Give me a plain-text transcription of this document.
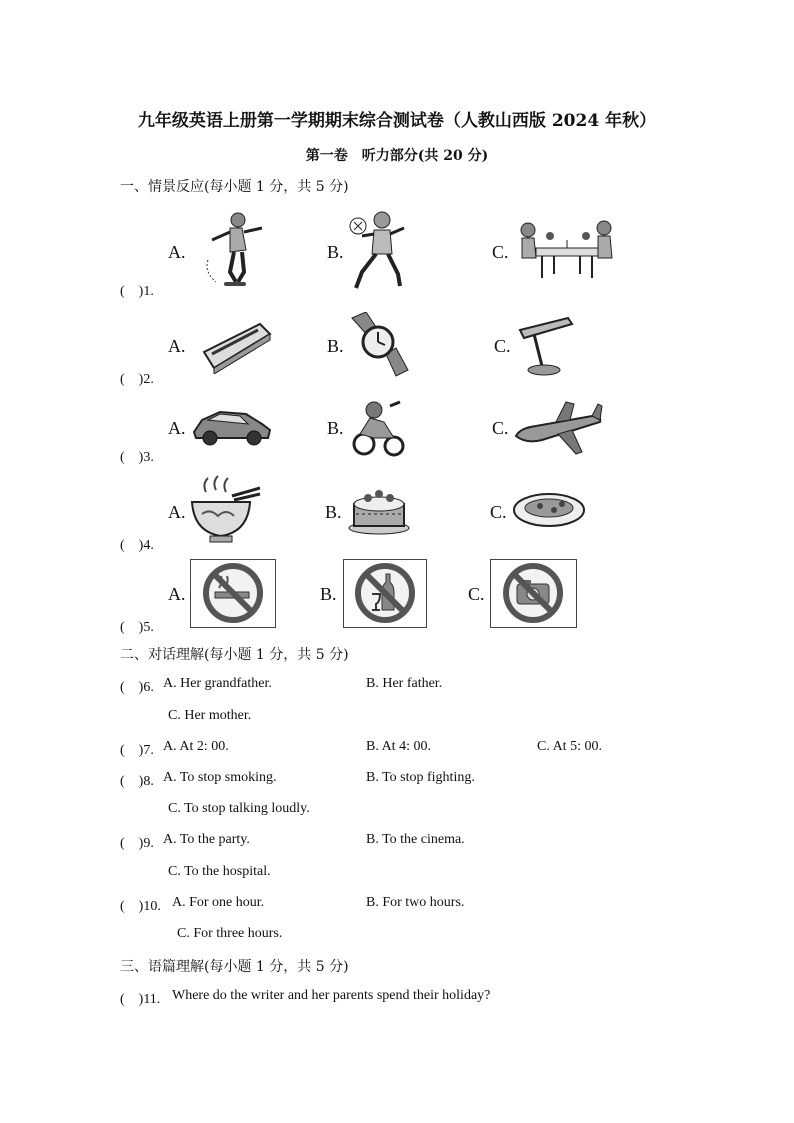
九年级英语上册第一学期期末综合测试卷（人教山西版 2024 年秋）
第一卷　听力部分(共 20 分)
一、情景反应(每小题 1 分，共 5 分)
A.	B.	C.
(　)1.
A.	B.	C.
(　)2.
A.	B.	C.
(　)3.
A.	B.	C.
(　)4.
A.	B.	C.
(　)5.
二、对话理解(每小题 1 分，共 5 分)
(　)6. A. Her grandfather.	B. Her father.
C. Her mother.
(　)7. A. At 2: 00.	B. At 4: 00.	C. At 5: 00.
(　)8. A. To stop smoking.	B. To stop fighting.
C. To stop talking loudly.
(　)9. A. To the party.	B. To the cinema.
C. To the hospital.
(　)10. A. For one hour.	B. For two hours.
C. For three hours.
三、语篇理解(每小题 1 分，共 5 分)
(　)11. Where do the writer and her parents spend their holiday?
